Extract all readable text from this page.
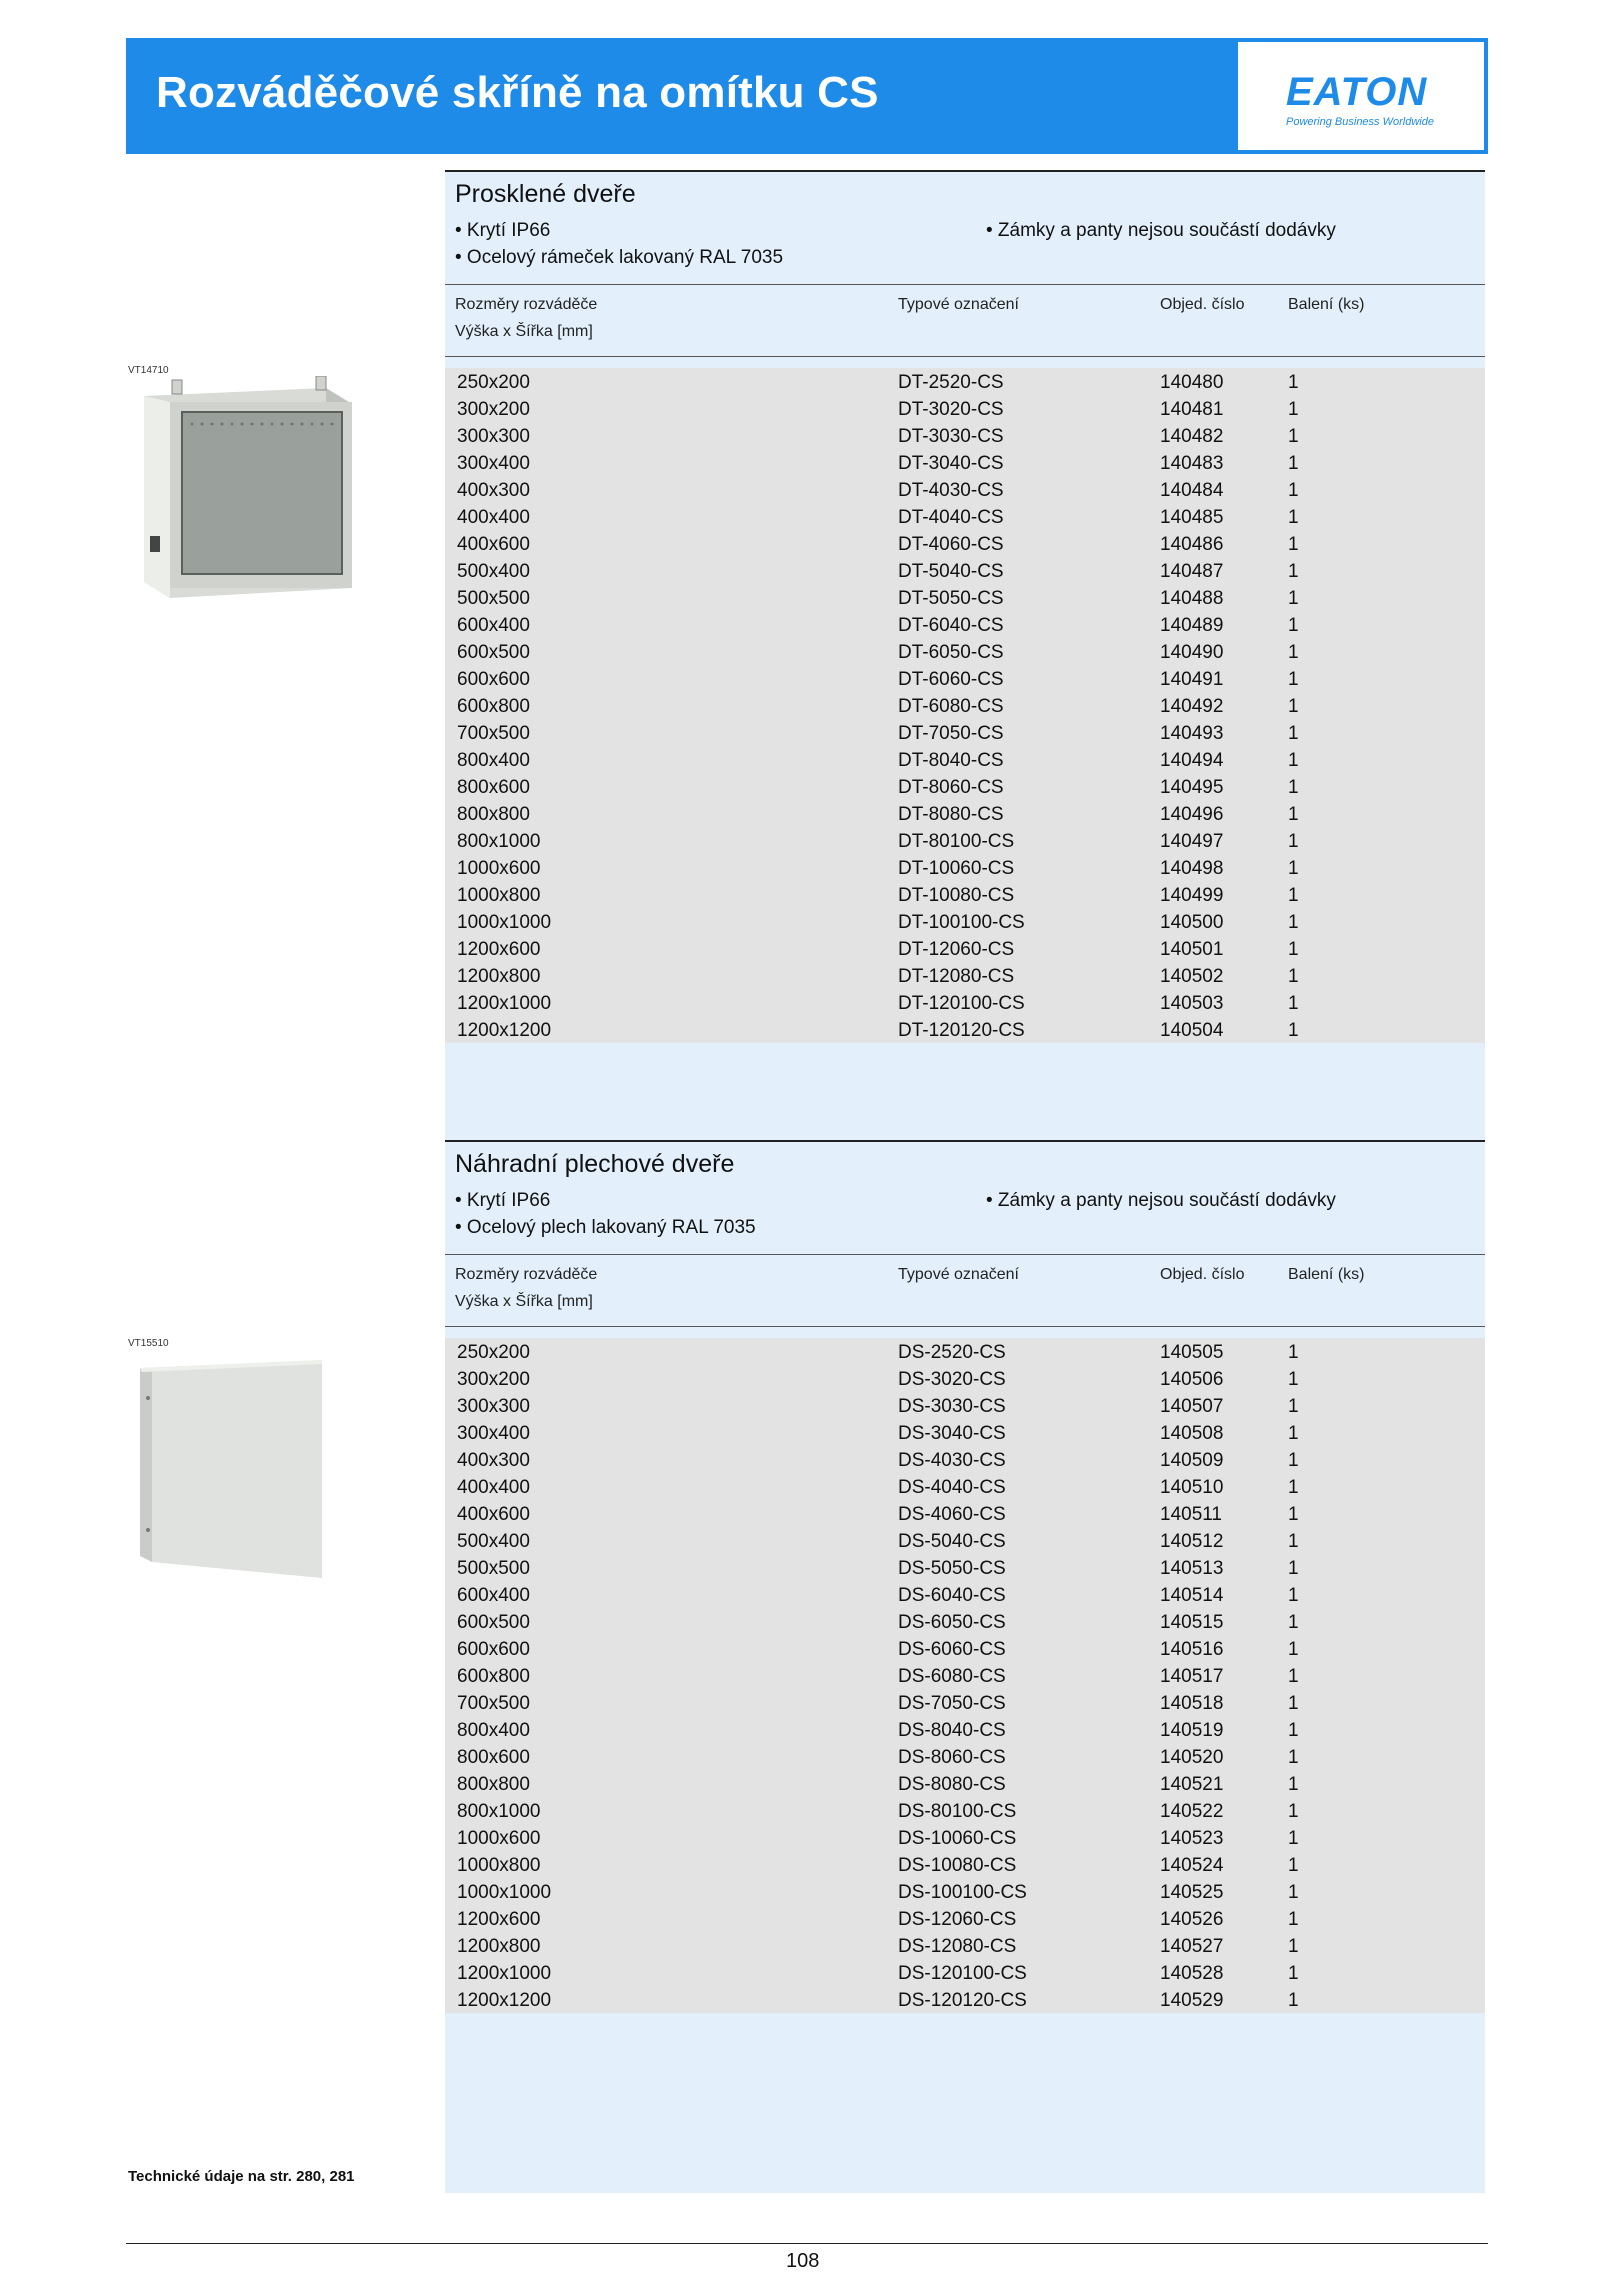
Rozváděčové skříně na omítku CS	EATON
Powering Business Worldwide
Prosklené dveře
• Krytí IP66
• Ocelový rámeček lakovaný RAL 7035
• Zámky a panty nejsou součástí dodávky
Rozměry rozváděče
Výška x Šířka [mm]
Typové označení	Objed. číslo	Balení (ks)
250x200	DT-2520-CS	140480	1
300x200	DT-3020-CS	140481	1
300x300	DT-3030-CS	140482	1
300x400	DT-3040-CS	140483	1
400x300	DT-4030-CS	140484	1
400x400	DT-4040-CS	140485	1
400x600	DT-4060-CS	140486	1
500x400	DT-5040-CS	140487	1
500x500	DT-5050-CS	140488	1
600x400	DT-6040-CS	140489	1
600x500	DT-6050-CS	140490	1
600x600	DT-6060-CS	140491	1
600x800	DT-6080-CS	140492	1
700x500	DT-7050-CS	140493	1
800x400	DT-8040-CS	140494	1
800x600	DT-8060-CS	140495	1
800x800	DT-8080-CS	140496	1
800x1000	DT-80100-CS	140497	1
1000x600	DT-10060-CS	140498	1
1000x800	DT-10080-CS	140499	1
1000x1000	DT-100100-CS	140500	1
1200x600	DT-12060-CS	140501	1
1200x800	DT-12080-CS	140502	1
1200x1000	DT-120100-CS	140503	1
1200x1200	DT-120120-CS	140504	1
Náhradní plechové dveře
• Krytí IP66
• Ocelový plech lakovaný RAL 7035
• Zámky a panty nejsou součástí dodávky
Rozměry rozváděče
Výška x Šířka [mm]
Typové označení	Objed. číslo	Balení (ks)
250x200	DS-2520-CS	140505	1
300x200	DS-3020-CS	140506	1
300x300	DS-3030-CS	140507	1
300x400	DS-3040-CS	140508	1
400x300	DS-4030-CS	140509	1
400x400	DS-4040-CS	140510	1
400x600	DS-4060-CS	140511	1
500x400	DS-5040-CS	140512	1
500x500	DS-5050-CS	140513	1
600x400	DS-6040-CS	140514	1
600x500	DS-6050-CS	140515	1
600x600	DS-6060-CS	140516	1
600x800	DS-6080-CS	140517	1
700x500	DS-7050-CS	140518	1
800x400	DS-8040-CS	140519	1
800x600	DS-8060-CS	140520	1
800x800	DS-8080-CS	140521	1
800x1000	DS-80100-CS	140522	1
1000x600	DS-10060-CS	140523	1
1000x800	DS-10080-CS	140524	1
1000x1000	DS-100100-CS	140525	1
1200x600	DS-12060-CS	140526	1
1200x800	DS-12080-CS	140527	1
1200x1000	DS-120100-CS	140528	1
1200x1200	DS-120120-CS	140529	1
VT14710
VT15510
Technické údaje na str. 280, 281
108
